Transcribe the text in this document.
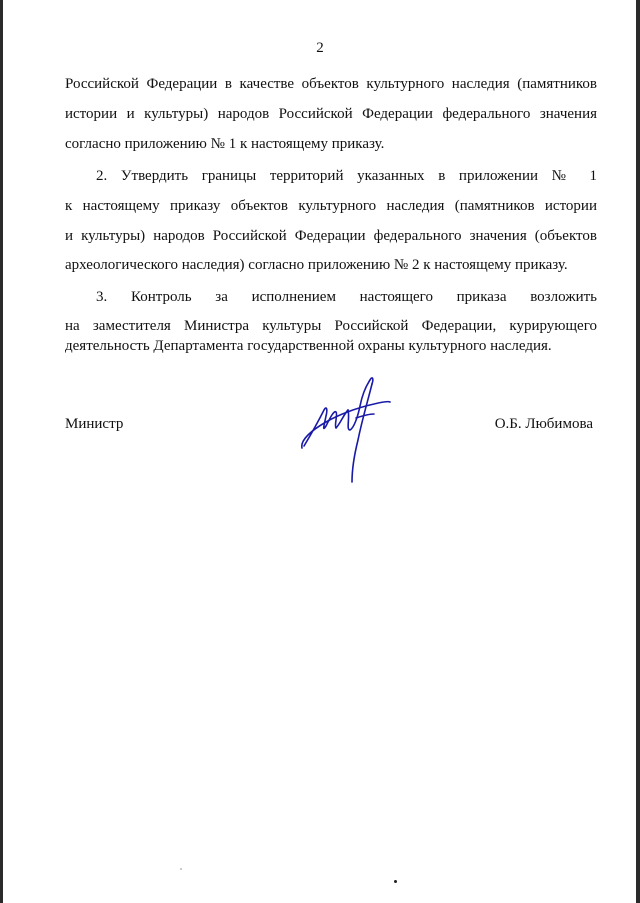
2
Российской Федерации в качестве объектов культурного наследия (памятников
истории и культуры) народов Российской Федерации федерального значения
согласно приложению № 1 к настоящему приказу.
2. Утвердить границы территорий указанных в приложении № 1
к настоящему приказу объектов культурного наследия (памятников истории
и культуры) народов Российской Федерации федерального значения (объектов
археологического наследия) согласно приложению № 2 к настоящему приказу.
3. Контроль за исполнением настоящего приказа возложить
на заместителя Министра культуры Российской Федерации, курирующего
деятельность Департамента государственной охраны культурного наследия.
Министр	О.Б. Любимова
